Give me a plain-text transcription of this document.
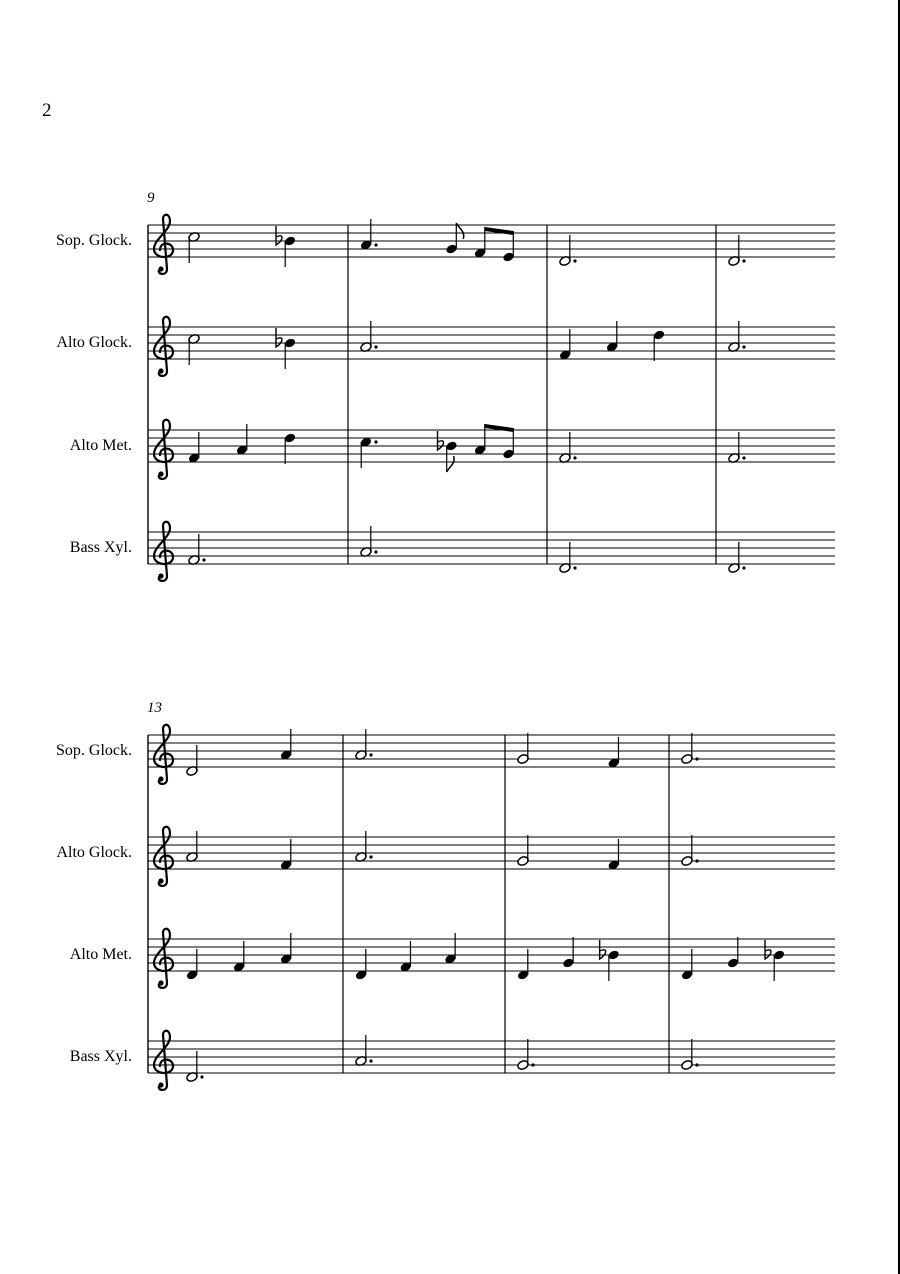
2
9
Sop. Glock.
Alto Glock.
Alto Met.
Bass Xyl.
13
Sop. Glock.
Alto Glock.
Alto Met.
Bass Xyl.
